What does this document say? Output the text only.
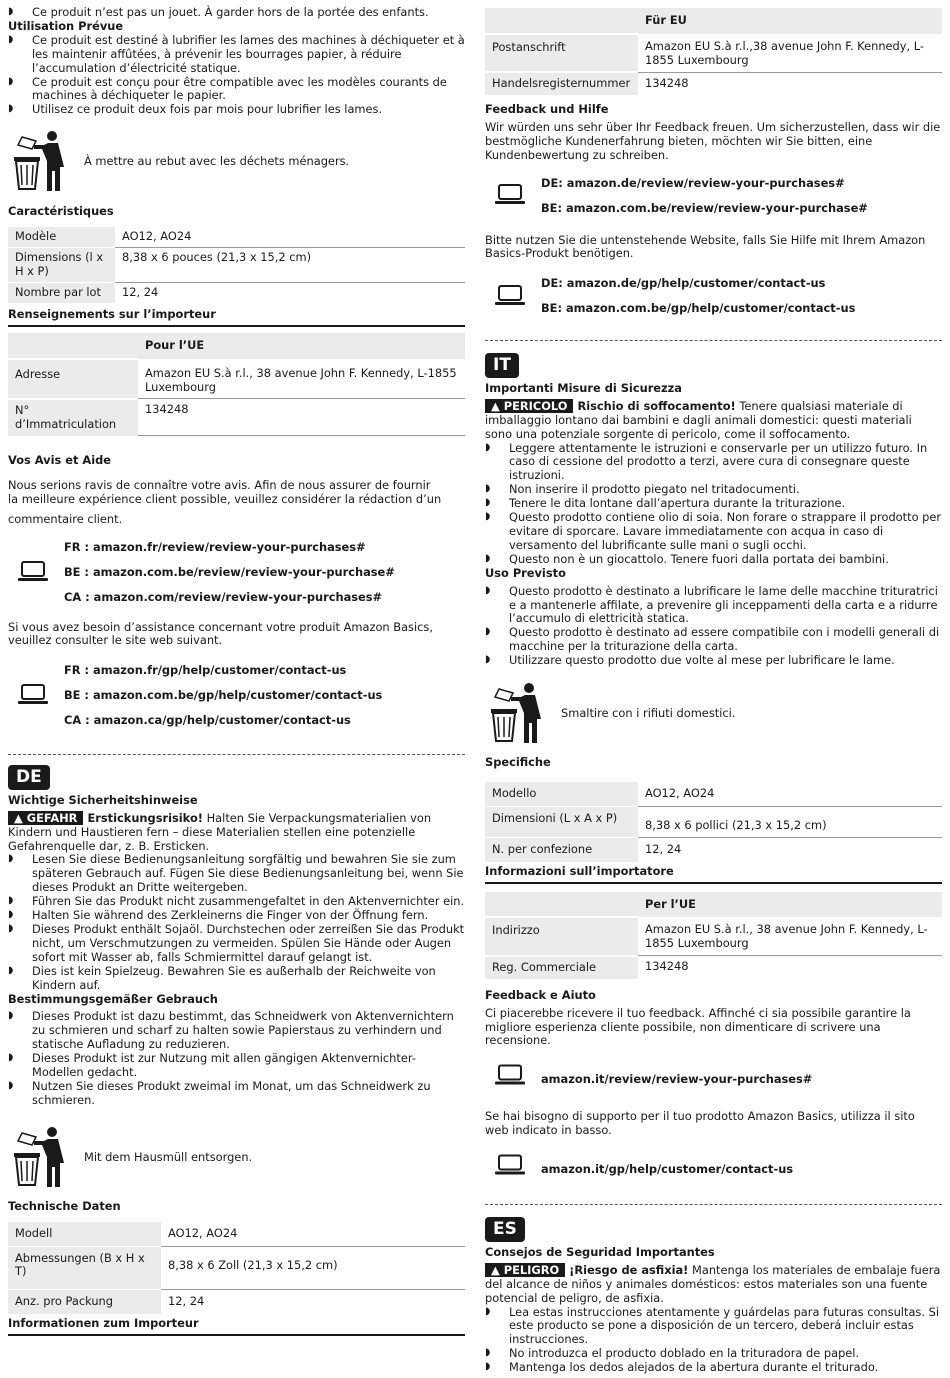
◗ Ce produit n’est pas un jouet. À garder hors de la portée des enfants.
Utilisation Prévue
◗ Ce produit est destiné à lubrifier les lames des machines à déchiqueter et à les maintenir affûtées, à prévenir les bourrages papier, à réduire l’accumulation d’électricité statique.
◗ Ce produit est conçu pour être compatible avec les modèles courants de machines à déchiqueter le papier.
◗ Utilisez ce produit deux fois par mois pour lubrifier les lames.
À mettre au rebut avec les déchets ménagers.
Caractéristiques
Modèle	AO12, AO24
Dimensions (l x H x P)	8,38 x 6 pouces (21,3 x 15,2 cm)
Nombre par lot	12, 24
Renseignements sur l’importeur
	Pour l’UE
Adresse	Amazon EU S.à r.l., 38 avenue John F. Kennedy, L-1855 Luxembourg
N° d’Immatriculation	134248
Vos Avis et Aide
Nous serions ravis de connaître votre avis. Afin de nous assurer de fournir
la meilleure expérience client possible, veuillez considérer la rédaction d’un
commentaire client.
FR : amazon.fr/review/review-your-purchases#
BE : amazon.com.be/review/review-your-purchase#
CA : amazon.com/review/review-your-purchases#
Si vous avez besoin d’assistance concernant votre produit Amazon Basics, veuillez consulter le site web suivant.
FR : amazon.fr/gp/help/customer/contact-us
BE : amazon.com.be/gp/help/customer/contact-us
CA : amazon.ca/gp/help/customer/contact-us
DE
Wichtige Sicherheitshinweise
▲ GEFAHR Erstickungsrisiko! Halten Sie Verpackungsmaterialien von Kindern und Haustieren fern – diese Materialien stellen eine potenzielle Gefahrenquelle dar, z. B. Ersticken.
◗ Lesen Sie diese Bedienungsanleitung sorgfältig und bewahren Sie sie zum späteren Gebrauch auf. Fügen Sie diese Bedienungsanleitung bei, wenn Sie dieses Produkt an Dritte weitergeben.
◗ Führen Sie das Produkt nicht zusammengefaltet in den Aktenvernichter ein.
◗ Halten Sie während des Zerkleinerns die Finger von der Öffnung fern.
◗ Dieses Produkt enthält Sojaöl. Durchstechen oder zerreißen Sie das Produkt nicht, um Verschmutzungen zu vermeiden. Spülen Sie Hände oder Augen sofort mit Wasser ab, falls Schmiermittel darauf gelangt ist.
◗ Dies ist kein Spielzeug. Bewahren Sie es außerhalb der Reichweite von Kindern auf.
Bestimmungsgemäßer Gebrauch
◗ Dieses Produkt ist dazu bestimmt, das Schneidwerk von Aktenvernichtern zu schmieren und scharf zu halten sowie Papierstaus zu verhindern und statische Aufladung zu reduzieren.
◗ Dieses Produkt ist zur Nutzung mit allen gängigen Aktenvernichter-Modellen gedacht.
◗ Nutzen Sie dieses Produkt zweimal im Monat, um das Schneidwerk zu schmieren.
Mit dem Hausmüll entsorgen.
Technische Daten
Modell	AO12, AO24
Abmessungen (B x H x T)	8,38 x 6 Zoll (21,3 x 15,2 cm)
Anz. pro Packung	12, 24
Informationen zum Importeur
	Für EU
Postanschrift	Amazon EU S.à r.l.,38 avenue John F. Kennedy, L-1855 Luxembourg
Handelsregisternummer	134248
Feedback und Hilfe
Wir würden uns sehr über Ihr Feedback freuen. Um sicherzustellen, dass wir die bestmögliche Kundenerfahrung bieten, möchten wir Sie bitten, eine Kundenbewertung zu schreiben.
DE: amazon.de/review/review-your-purchases#
BE: amazon.com.be/review/review-your-purchase#
Bitte nutzen Sie die untenstehende Website, falls Sie Hilfe mit Ihrem Amazon Basics-Produkt benötigen.
DE: amazon.de/gp/help/customer/contact-us
BE: amazon.com.be/gp/help/customer/contact-us
IT
Importanti Misure di Sicurezza
▲ PERICOLO Rischio di soffocamento! Tenere qualsiasi materiale di imballaggio lontano dai bambini e dagli animali domestici: questi materiali sono una potenziale sorgente di pericolo, come il soffocamento.
◗ Leggere attentamente le istruzioni e conservarle per un utilizzo futuro. In caso di cessione del prodotto a terzi, avere cura di consegnare queste istruzioni.
◗ Non inserire il prodotto piegato nel tritadocumenti.
◗ Tenere le dita lontane dall’apertura durante la triturazione.
◗ Questo prodotto contiene olio di soia. Non forare o strappare il prodotto per evitare di sporcare. Lavare immediatamente con acqua in caso di versamento del lubrificante sulle mani o sugli occhi.
◗ Questo non è un giocattolo. Tenere fuori dalla portata dei bambini.
Uso Previsto
◗ Questo prodotto è destinato a lubrificare le lame delle macchine trituratrici e a mantenerle affilate, a prevenire gli inceppamenti della carta e a ridurre l’accumulo di elettricità statica.
◗ Questo prodotto è destinato ad essere compatibile con i modelli generali di macchine per la triturazione della carta.
◗ Utilizzare questo prodotto due volte al mese per lubrificare le lame.
Smaltire con i rifiuti domestici.
Specifiche
Modello	AO12, AO24
Dimensioni (L x A x P)	8,38 x 6 pollici (21,3 x 15,2 cm)
N. per confezione	12, 24
Informazioni sull’importatore
	Per l’UE
Indirizzo	Amazon EU S.à r.l., 38 avenue John F. Kennedy, L-1855 Luxembourg
Reg. Commerciale	134248
Feedback e Aiuto
Ci piacerebbe ricevere il tuo feedback. Affinché ci sia possibile garantire la migliore esperienza cliente possibile, non dimenticare di scrivere una recensione.
amazon.it/review/review-your-purchases#
Se hai bisogno di supporto per il tuo prodotto Amazon Basics, utilizza il sito web indicato in basso.
amazon.it/gp/help/customer/contact-us
ES
Consejos de Seguridad Importantes
▲ PELIGRO ¡Riesgo de asfixia! Mantenga los materiales de embalaje fuera del alcance de niños y animales domésticos: estos materiales son una fuente potencial de peligro, de asfixia.
◗ Lea estas instrucciones atentamente y guárdelas para futuras consultas. Si este producto se pone a disposición de un tercero, deberá incluir estas instrucciones.
◗ No introduzca el producto doblado en la trituradora de papel.
◗ Mantenga los dedos alejados de la abertura durante el triturado.
